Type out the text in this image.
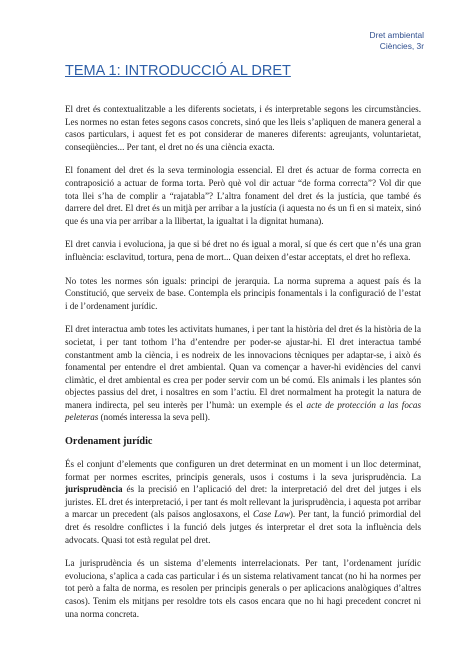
Dret ambiental
Ciències, 3r
TEMA 1: INTRODUCCIÓ AL DRET

El dret és contextualitzable a les diferents societats, i és interpretable segons les circumstàncies. Les normes no estan fetes segons casos concrets, sinó que les lleis s’apliquen de manera general a casos particulars, i aquest fet es pot considerar de maneres diferents: agreujants, voluntarietat, conseqüències... Per tant, el dret no és una ciència exacta.

El fonament del dret és la seva terminologia essencial. El dret és actuar de forma correcta en contraposició a actuar de forma torta. Però què vol dir actuar “de forma correcta”? Vol dir que tota llei s’ha de complir a “rajatabla”? L’altra fonament del dret és la justícia, que també és darrere del dret. El dret és un mitjà per arribar a la justícia (i aquesta no és un fi en si mateix, sinó que és una via per arribar a la llibertat, la igualtat i la dignitat humana).

El dret canvia i evoluciona, ja que si bé dret no és igual a moral, sí que és cert que n’és una gran influència: esclavitud, tortura, pena de mort... Quan deixen d’estar acceptats, el dret ho reflexa.

No totes les normes són iguals: principi de jerarquia. La norma suprema a aquest país és la Constitució, que serveix de base. Contempla els principis fonamentals i la configuració de l’estat i de l’ordenament jurídic.

El dret interactua amb totes les activitats humanes, i per tant la història del dret és la història de la societat, i per tant tothom l’ha d’entendre per poder-se ajustar-hi. El dret interactua també constantment amb la ciència, i es nodreix de les innovacions tècniques per adaptar-se, i això és fonamental per entendre el dret ambiental. Quan va començar a haver-hi evidències del canvi climàtic, el dret ambiental es crea per poder servir com un bé comú. Els animals i les plantes són objectes passius del dret, i nosaltres en som l’actiu. El dret normalment ha protegit la natura de manera indirecta, pel seu interès per l’humà: un exemple és el acte de protección a las focas peleteras (només interessa la seva pell).

Ordenament jurídic

És el conjunt d’elements que configuren un dret determinat en un moment i un lloc determinat, format per normes escrites, principis generals, usos i costums i la seva jurisprudència. La jurisprudència és la precisió en l’aplicació del dret: la interpretació del dret del jutges i els juristes. EL dret és interpretació, i per tant és molt rellevant la jurisprudència, i aquesta pot arribar a marcar un precedent (als països anglosaxons, el Case Law). Per tant, la funció primordial del dret és resoldre conflictes i la funció dels jutges és interpretar el dret sota la influència dels advocats. Quasi tot està regulat pel dret.

La jurisprudència és un sistema d’elements interrelacionats. Per tant, l’ordenament jurídic evoluciona, s’aplica a cada cas particular i és un sistema relativament tancat (no hi ha normes per tot però a falta de norma, es resolen per principis generals o per aplicacions analògiques d’altres casos). Tenim els mitjans per resoldre tots els casos encara que no hi hagi precedent concret ni una norma concreta.
